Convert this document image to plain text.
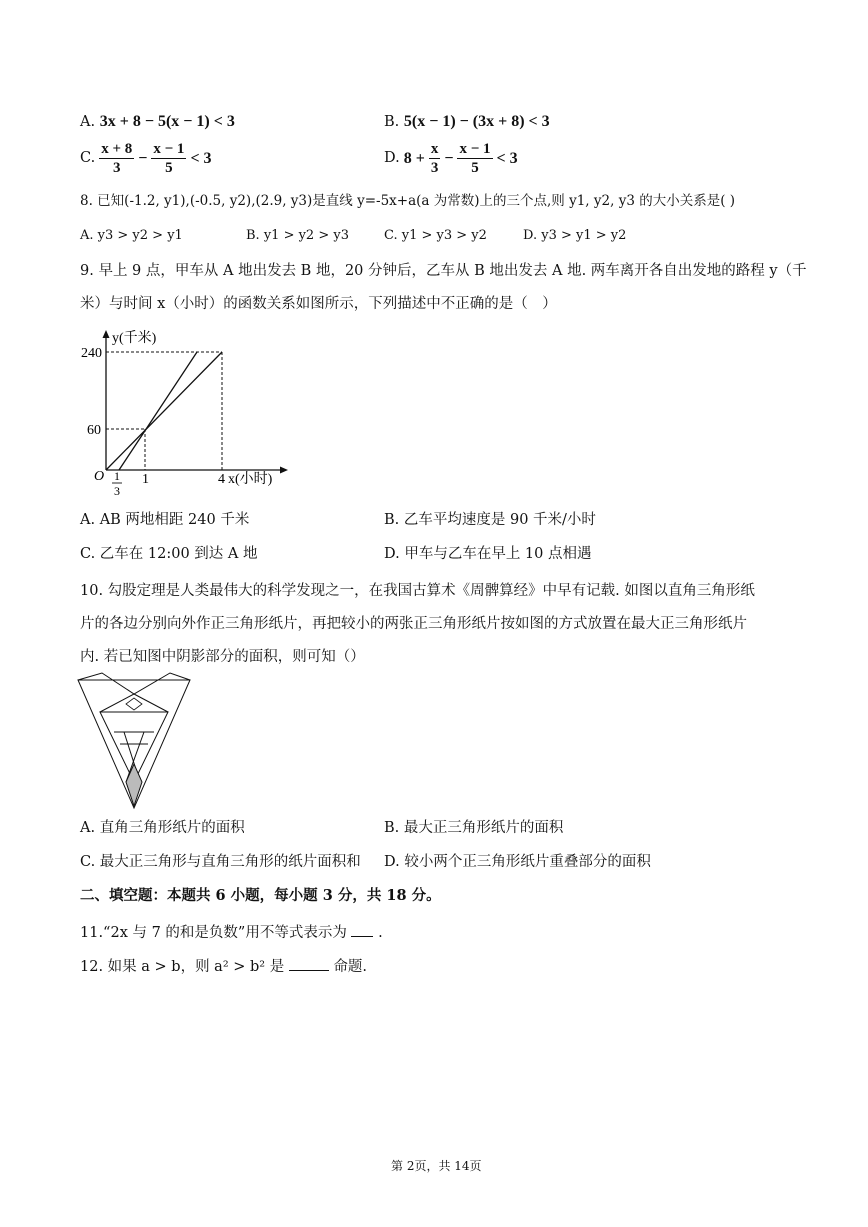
A. 3x + 8 − 5(x − 1) < 3	B. 5(x − 1) − (3x + 8) < 3
C. $\frac{x + 8}{3} - \frac{x - 1}{5} < 3$	D. $8 + \frac{x}{3} - \frac{x - 1}{5} < 3$
8. 已知(-1.2, y1),(-0.5, y2),(2.9, y3)是直线 y=-5x+a(a 为常数)上的三个点,则 y1, y2, y3 的大小关系是( )
A. y3 > y2 > y1	B. y1 > y2 > y3	C. y1 > y3 > y2	D. y3 > y1 > y2
9. 早上 9 点，甲车从 A 地出发去 B 地，20 分钟后，乙车从 B 地出发去 A 地. 两车离开各自出发地的路程 y（千
米）与时间 x（小时）的函数关系如图所示，下列描述中不正确的是（　）
y(千米)
240
60
O 1
3
1	4 x(小时)
A. AB 两地相距 240 千米	B. 乙车平均速度是 90 千米/小时
C. 乙车在 12:00 到达 A 地	D. 甲车与乙车在早上 10 点相遇
10. 勾股定理是人类最伟大的科学发现之一，在我国古算术《周髀算经》中早有记载. 如图以直角三角形纸
片的各边分别向外作正三角形纸片，再把较小的两张正三角形纸片按如图的方式放置在最大正三角形纸片
内. 若已知图中阴影部分的面积，则可知（）
A. 直角三角形纸片的面积	B. 最大正三角形纸片的面积
C. 最大正三角形与直角三角形的纸片面积和 D. 较小两个正三角形纸片重叠部分的面积
二、填空题：本题共 6 小题，每小题 3 分，共 18 分。
11.“2x 与 7 的和是负数”用不等式表示为 .
12. 如果 a > b，则 a² > b² 是	命题.
第 2页，共 14页
